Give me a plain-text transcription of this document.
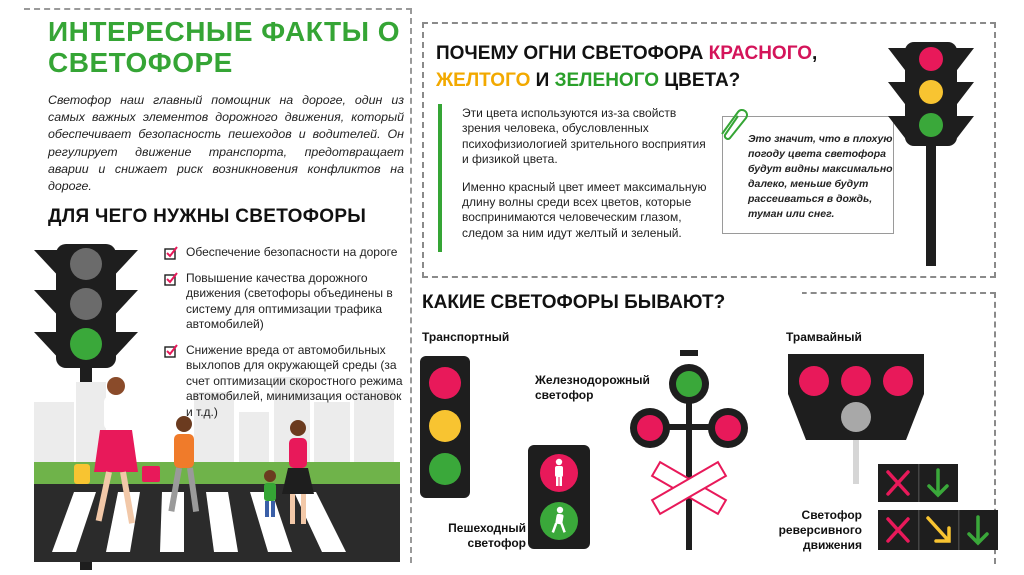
ИНТЕРЕСНЫЕ ФАКТЫ О СВЕТОФОРЕ
Светофор наш главный помощник на дороге, один из самых важных элементов дорожного движения, который обеспечивает безопасность пешеходов и водителей. Он регулирует движение транспорта, предотвращает аварии и снижает риск возникновения конфликтов на дороге.
ДЛЯ ЧЕГО НУЖНЫ СВЕТОФОРЫ
Обеспечение безопасности на дороге
Повышение качества дорожного движения (светофоры объединены в систему для оптимизации трафика автомобилей)
Снижение вреда от автомобильных выхлопов для окружающей среды (за счет оптимизации скоростного режима автомобилей, минимизация остановок и т.д.)
ПОЧЕМУ ОГНИ СВЕТОФОРА КРАСНОГО,
ЖЕЛТОГО И ЗЕЛЕНОГО ЦВЕТА?

Эти цвета используются из-за свойств зрения человека, обусловленных психофизиологией зрительного восприятия и физикой цвета.

Именно красный цвет имеет максимальную длину волны среди всех цветов, которые воспринимаются человеческим глазом, следом за ним идут желтый и зеленый.

Это значит, что в плохую погоду цвета светофора будут видны максимально далеко, меньше будут рассеиваться в дождь, туман или снег.
КАКИЕ СВЕТОФОРЫ БЫВАЮТ?
Транспортный
Железнодорожный светофор
Трамвайный
Пешеходный светофор
Светофор реверсивного движения
